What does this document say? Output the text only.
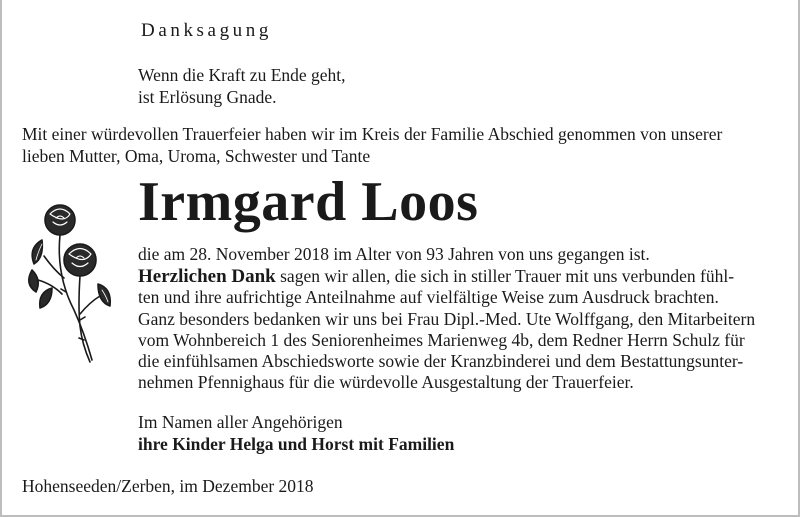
Danksagung
Wenn die Kraft zu Ende geht,
ist Erlösung Gnade.
Mit einer würdevollen Trauerfeier haben wir im Kreis der Familie Abschied genommen von unserer
lieben Mutter, Oma, Uroma, Schwester und Tante
Irmgard Loos
die am 28. November 2018 im Alter von 93 Jahren von uns gegangen ist.
Herzlichen Dank sagen wir allen, die sich in stiller Trauer mit uns verbunden fühl-
ten und ihre aufrichtige Anteilnahme auf vielfältige Weise zum Ausdruck brachten.
Ganz besonders bedanken wir uns bei Frau Dipl.-Med. Ute Wolffgang, den Mitarbeitern
vom Wohnbereich 1 des Seniorenheimes Marienweg 4b, dem Redner Herrn Schulz für
die einfühlsamen Abschiedsworte sowie der Kranzbinderei und dem Bestattungsunter-
nehmen Pfennighaus für die würdevolle Ausgestaltung der Trauerfeier.
Im Namen aller Angehörigen
ihre Kinder Helga und Horst mit Familien
Hohenseeden/Zerben, im Dezember 2018
